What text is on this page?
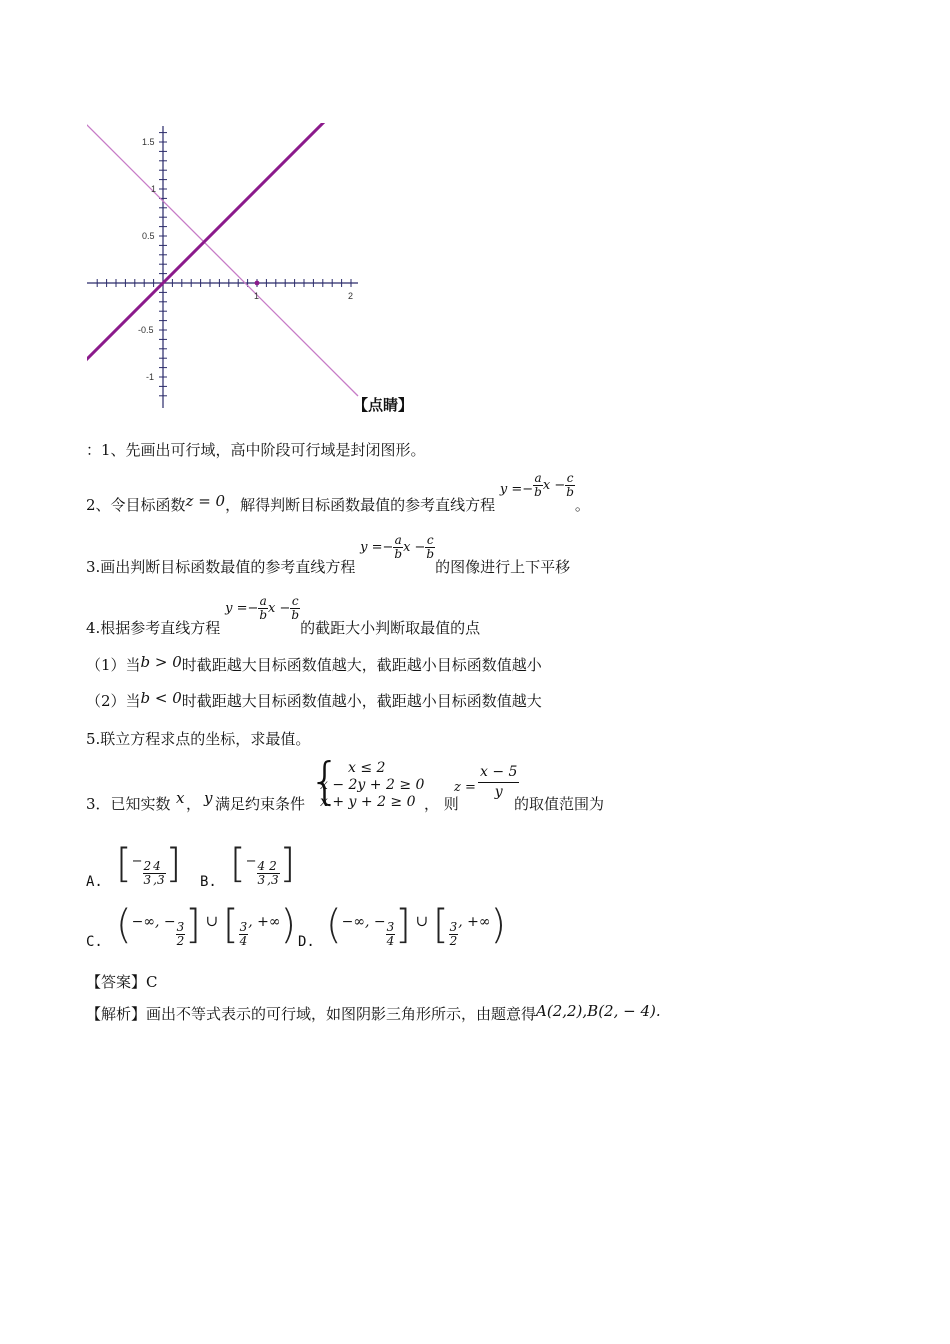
1	2
1.5
1
0.5
-0.5
-1
【点睛】
：1、先画出可行域，高中阶段可行域是封闭图形。
2、令目标函数z = 0，解得判断目标函数最值的参考直线方程 $y =- \frac{a}{b}$ $x - \frac{c}{b}$
。
3.画出判断目标函数最值的参考直线方程 $y =- \frac{a}{b}$ $x - \frac{c}{b}$
的图像进行上下平移
4.根据参考直线方程 $y =- \frac{a}{b}$ $x - \frac{c}{b}$
的截距大小判断取最值的点
（1）当b > 0时截距越大目标函数值越大，截距越小目标函数值越小
（2）当b < 0时截距越大目标函数值越小，截距越小目标函数值越大
5.联立方程求点的坐标，求最值。
3．已知实数 x ， y 满足约束条件 { x ≤ 2
x − 2y + 2 ≥ 0
x + y + 2 ≥ 0 ， 则
$z = \frac{x - 5}{y}$
的取值范围为
A. [− $\frac{2}{3} \frac{4}{,3}$ ] B. [− $\frac{4}{3} \frac{2}{,3}$ ]
C. (−∞, − $\frac{3}{2}$ ] ∪ [ $\frac{3}{4}$ , +∞) D. (−∞, − $\frac{3}{4}$ ] ∪ [ $\frac{3}{2}$ , +∞)
【答案】C
【解析】画出不等式表示的可行域，如图阴影三角形所示，由题意得A(2,2),B(2, − 4).
